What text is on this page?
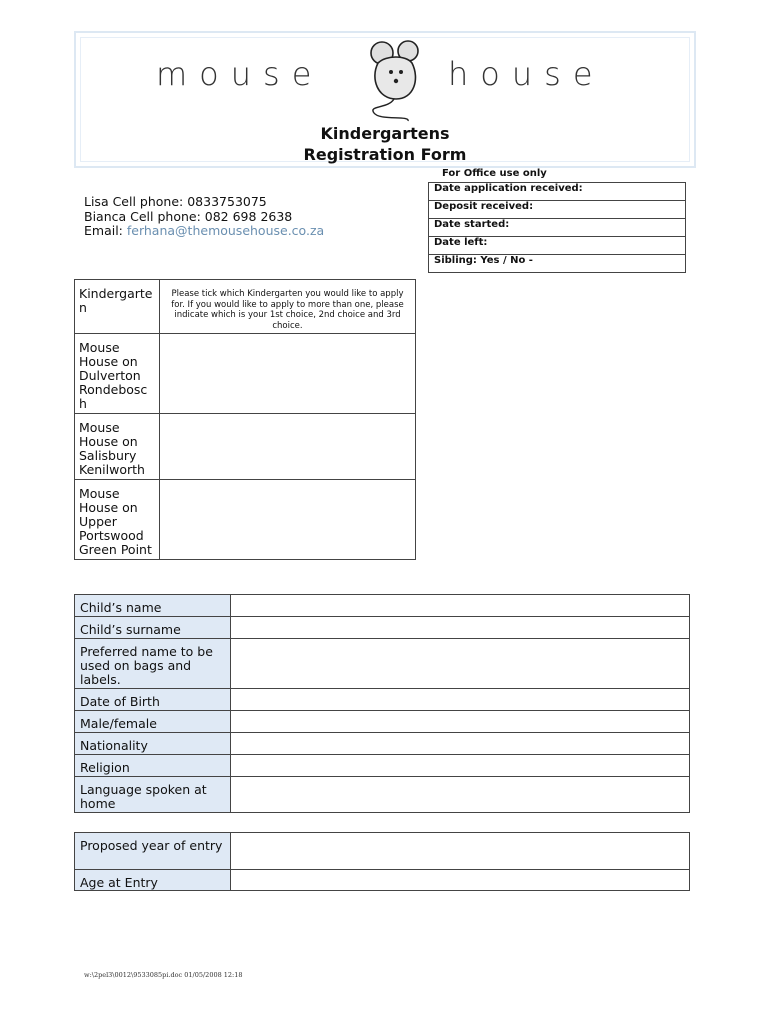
mouse	house
Kindergartens
Registration Form
Lisa Cell phone: 0833753075
Bianca Cell phone: 082 698 2638
Email: ferhana@themousehouse.co.za
For Office use only
Date application received:
Deposit received:
Date started:
Date left:
Sibling: Yes / No -
Kindergarte
n	Please tick which Kindergarten you would like to apply for. If you would like to apply to more than one, please indicate which is your 1st choice, 2nd choice and 3rd choice.
Mouse
House on
Dulverton
Rondebosc
h	
Mouse
House on
Salisbury
Kenilworth	
Mouse
House on
Upper
Portswood
Green Point	
Child’s name	
Child’s surname	
Preferred name to be used on bags and labels.	
Date of Birth	
Male/female	
Nationality	
Religion	
Language spoken at home	
Proposed year of entry	
Age at Entry	
w:\2pel3\0012\9533085pi.doc 01/05/2008 12:18
